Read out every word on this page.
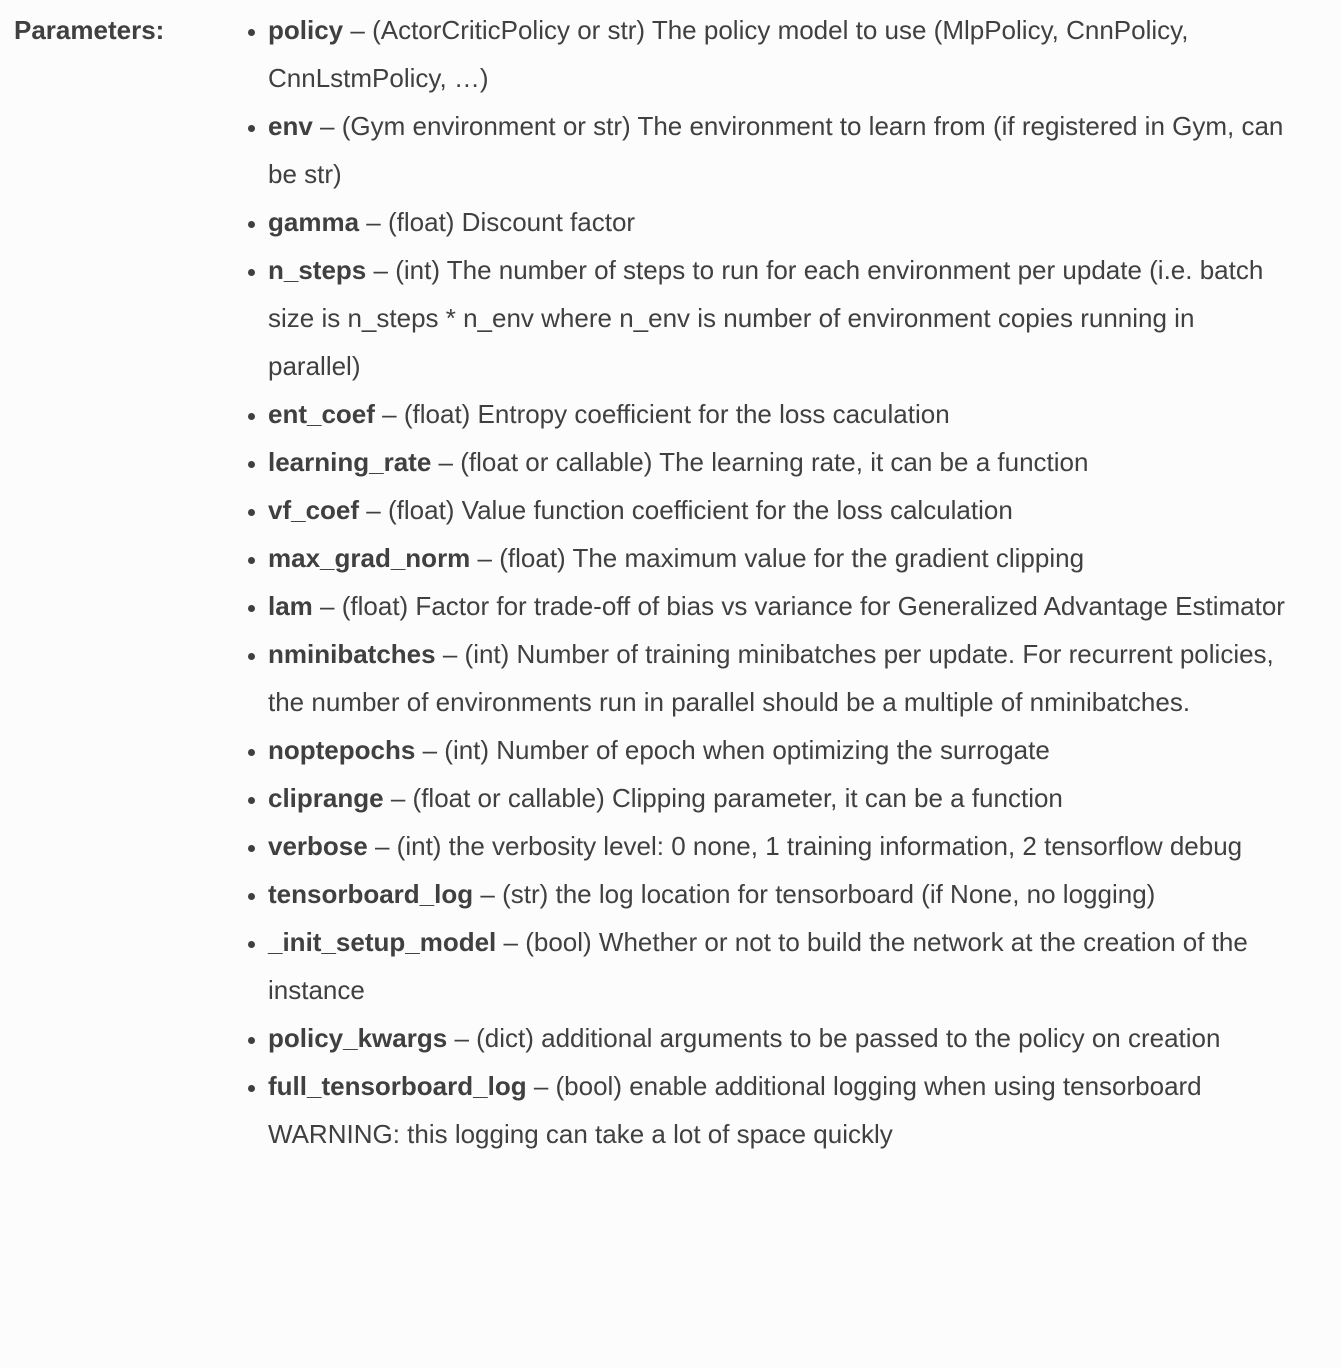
Parameters:	• policy – (ActorCriticPolicy or str) The policy model to use (MlpPolicy, CnnPolicy, CnnLstmPolicy, …)
• env – (Gym environment or str) The environment to learn from (if registered in Gym, can be str)
• gamma – (float) Discount factor
• n_steps – (int) The number of steps to run for each environment per update (i.e. batch size is n_steps * n_env where n_env is number of environment copies running in parallel)
• ent_coef – (float) Entropy coefficient for the loss caculation
• learning_rate – (float or callable) The learning rate, it can be a function
• vf_coef – (float) Value function coefficient for the loss calculation
• max_grad_norm – (float) The maximum value for the gradient clipping
• lam – (float) Factor for trade-off of bias vs variance for Generalized Advantage Estimator
• nminibatches – (int) Number of training minibatches per update. For recurrent policies, the number of environments run in parallel should be a multiple of nminibatches.
• noptepochs – (int) Number of epoch when optimizing the surrogate
• cliprange – (float or callable) Clipping parameter, it can be a function
• verbose – (int) the verbosity level: 0 none, 1 training information, 2 tensorflow debug
• tensorboard_log – (str) the log location for tensorboard (if None, no logging)
• _init_setup_model – (bool) Whether or not to build the network at the creation of the instance
• policy_kwargs – (dict) additional arguments to be passed to the policy on creation
• full_tensorboard_log – (bool) enable additional logging when using tensorboard WARNING: this logging can take a lot of space quickly
